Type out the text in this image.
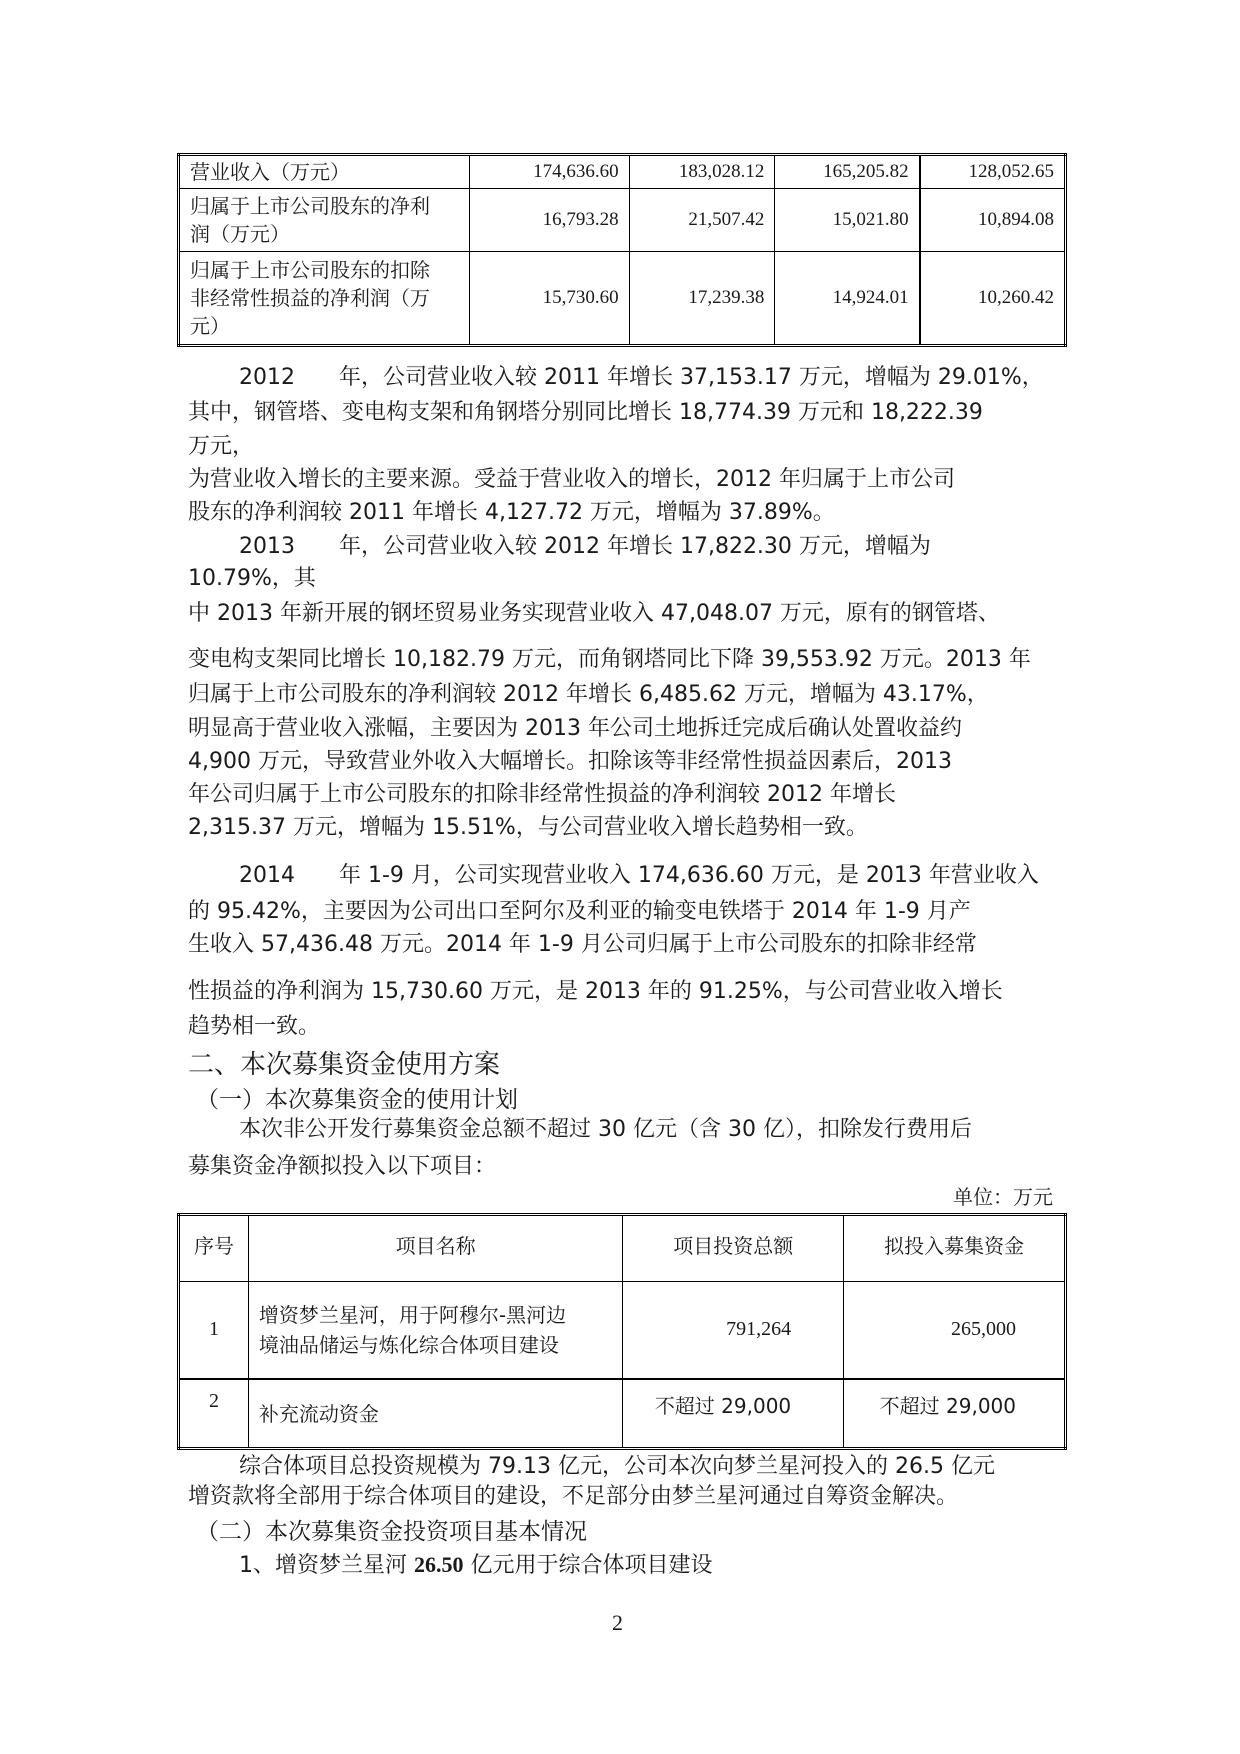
营业收入（万元）	174,636.60	183,028.12	165,205.82	128,052.65

归属于上市公司股东的净利
润（万元）	16,793.28	21,507.42	15,021.80	10,894.08

归属于上市公司股东的扣除
非经常性损益的净利润（万
元）	15,730.60	17,239.38	14,924.01	10,260.42
2012　　年，公司营业收入较 2011 年增长 37,153.17 万元，增幅为 29.01%，
其中，钢管塔、变电构支架和角钢塔分别同比增长 18,774.39 万元和 18,222.39
万元，
为营业收入增长的主要来源。受益于营业收入的增长，2012 年归属于上市公司
股东的净利润较 2011 年增长 4,127.72 万元，增幅为 37.89%。
2013　　年，公司营业收入较 2012 年增长 17,822.30 万元，增幅为
10.79%，其
中 2013 年新开展的钢坯贸易业务实现营业收入 47,048.07 万元，原有的钢管塔、
变电构支架同比增长 10,182.79 万元，而角钢塔同比下降 39,553.92 万元。2013 年
归属于上市公司股东的净利润较 2012 年增长 6,485.62 万元，增幅为 43.17%，
明显高于营业收入涨幅，主要因为 2013 年公司土地拆迁完成后确认处置收益约
4,900 万元，导致营业外收入大幅增长。扣除该等非经常性损益因素后，2013
年公司归属于上市公司股东的扣除非经常性损益的净利润较 2012 年增长
2,315.37 万元，增幅为 15.51%，与公司营业收入增长趋势相一致。
2014　　年 1-9 月，公司实现营业收入 174,636.60 万元，是 2013 年营业收入
的 95.42%，主要因为公司出口至阿尔及利亚的输变电铁塔于 2014 年 1-9 月产
生收入 57,436.48 万元。2014 年 1-9 月公司归属于上市公司股东的扣除非经常
性损益的净利润为 15,730.60 万元，是 2013 年的 91.25%，与公司营业收入增长
趋势相一致。
二、本次募集资金使用方案
（一）本次募集资金的使用计划
本次非公开发行募集资金总额不超过 30 亿元（含 30 亿），扣除发行费用后
募集资金净额拟投入以下项目：
单位：万元
序号	项目名称	项目投资总额	拟投入募集资金
1	增资梦兰星河，用于阿穆尔-黑河边
境油品储运与炼化综合体项目建设	791,264	265,000
2	补充流动资金	不超过 29,000	不超过 29,000
综合体项目总投资规模为 79.13 亿元，公司本次向梦兰星河投入的 26.5 亿元
增资款将全部用于综合体项目的建设，不足部分由梦兰星河通过自筹资金解决。
（二）本次募集资金投资项目基本情况
1、增资梦兰星河 26.50 亿元用于综合体项目建设
2
